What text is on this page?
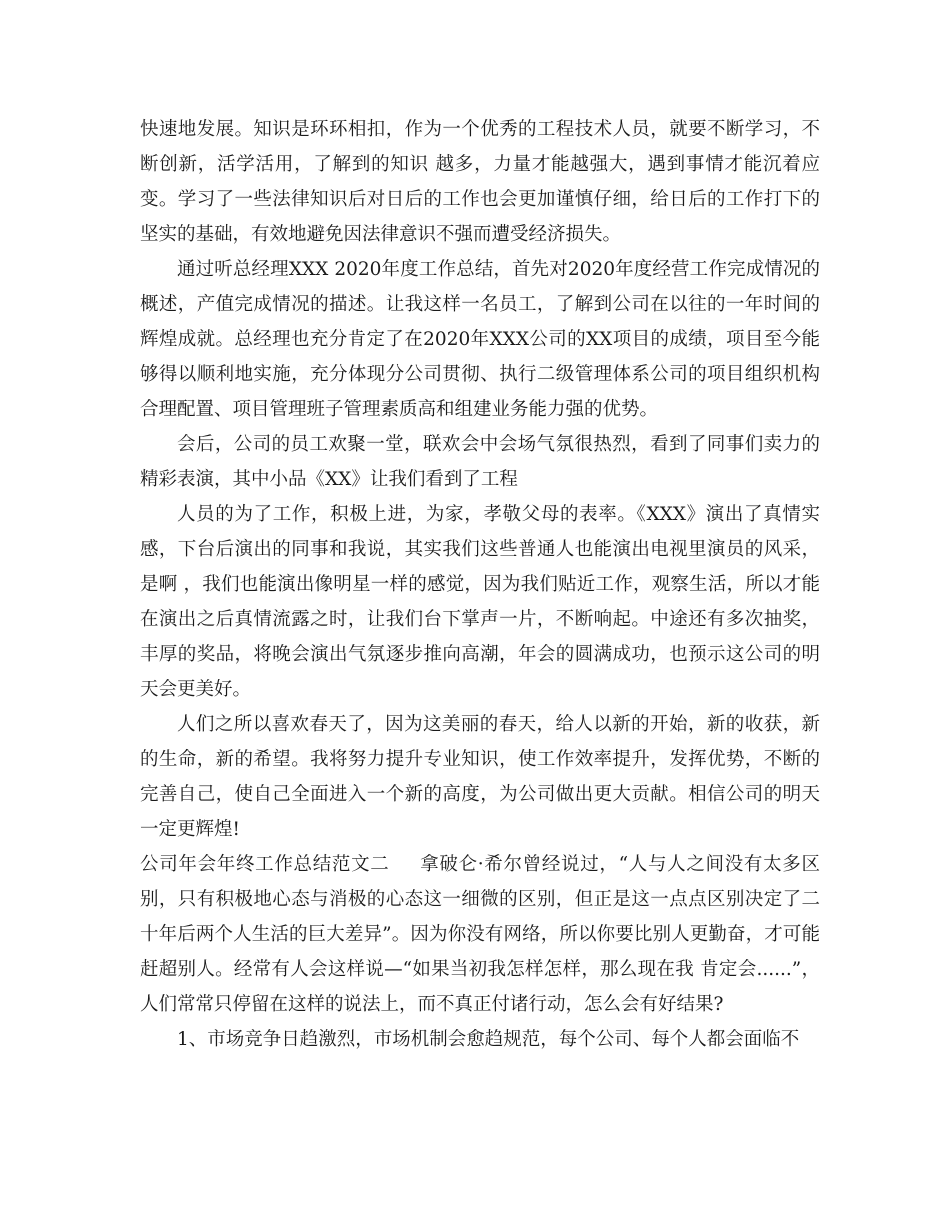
快速地发展。知识是环环相扣，作为一个优秀的工程技术人员，就要不断学习，不断创新，活学活用，了解到的知识 越多，力量才能越强大，遇到事情才能沉着应变。学习了一些法律知识后对日后的工作也会更加谨慎仔细，给日后的工作打下的坚实的基础，有效地避免因法律意识不强而遭受经济损失。

通过听总经理XXX 2020年度工作总结，首先对2020年度经营工作完成情况的概述，产值完成情况的描述。让我这样一名员工，了解到公司在以往的一年时间的辉煌成就。总经理也充分肯定了在2020年XXX公司的XX项目的成绩，项目至今能够得以顺利地实施，充分体现分公司贯彻、执行二级管理体系公司的项目组织机构合理配置、项目管理班子管理素质高和组建业务能力强的优势。

会后，公司的员工欢聚一堂，联欢会中会场气氛很热烈，看到了同事们卖力的精彩表演，其中小品《XX》让我们看到了工程

人员的为了工作，积极上进，为家，孝敬父母的表率。《XXX》演出了真情实感，下台后演出的同事和我说，其实我们这些普通人也能演出电视里演员的风采，是啊 ，我们也能演出像明星一样的感觉，因为我们贴近工作，观察生活，所以才能在演出之后真情流露之时，让我们台下掌声一片，不断响起。中途还有多次抽奖，丰厚的奖品，将晚会演出气氛逐步推向高潮，年会的圆满成功，也预示这公司的明天会更美好。

人们之所以喜欢春天了，因为这美丽的春天，给人以新的开始，新的收获，新的生命，新的希望。我将努力提升专业知识，使工作效率提升，发挥优势，不断的完善自己，使自己全面进入一个新的高度，为公司做出更大贡献。相信公司的明天一定更辉煌!

公司年会年终工作总结范文二 拿破仑·希尔曾经说过，“人与人之间没有太多区别，只有积极地心态与消极的心态这一细微的区别，但正是这一点点区别决定了二十年后两个人生活的巨大差异”。因为你没有网络，所以你要比别人更勤奋，才可能赶超别人。经常有人会这样说—“如果当初我怎样怎样，那么现在我 肯定会......”，人们常常只停留在这样的说法上，而不真正付诸行动，怎么会有好结果?

1、市场竞争日趋激烈，市场机制会愈趋规范，每个公司、每个人都会面临不
